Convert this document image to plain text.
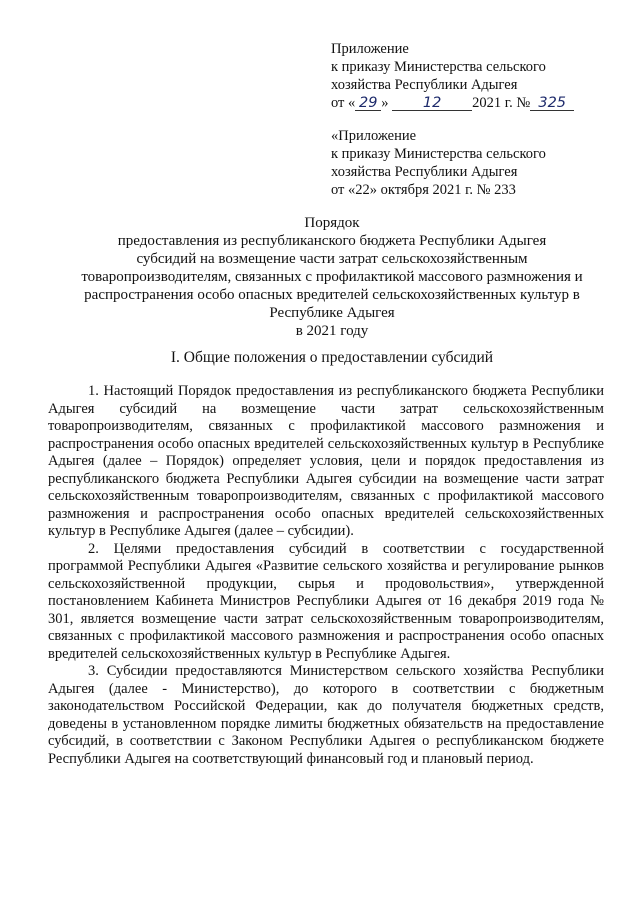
Приложение
к приказу Министерства сельского
хозяйства Республики Адыгея
от « 29 » 12 2021 г. № 325
«Приложение
к приказу Министерства сельского
хозяйства Республики Адыгея
от «22» октября 2021 г. № 233
Порядок
предоставления из республиканского бюджета Республики Адыгея
субсидий на возмещение части затрат сельскохозяйственным
товаропроизводителям, связанных с профилактикой массового размножения и
распространения особо опасных вредителей сельскохозяйственных культур в
Республике Адыгея
в 2021 году
I. Общие положения о предоставлении субсидий

1. Настоящий Порядок предоставления из республиканского бюджета Республики Адыгея субсидий на возмещение части затрат сельскохозяйственным товаропроизводителям, связанных с профилактикой массового размножения и распространения особо опасных вредителей сельскохозяйственных культур в Республике Адыгея (далее – Порядок) определяет условия, цели и порядок предоставления из республиканского бюджета Республики Адыгея субсидии на возмещение части затрат сельскохозяйственным товаропроизводителям, связанных с профилактикой массового размножения и распространения особо опасных вредителей сельскохозяйственных культур в Республике Адыгея (далее – субсидии).

2. Целями предоставления субсидий в соответствии с государственной программой Республики Адыгея «Развитие сельского хозяйства и регулирование рынков сельскохозяйственной продукции, сырья и продовольствия», утвержденной постановлением Кабинета Министров Республики Адыгея от 16 декабря 2019 года № 301, является возмещение части затрат сельскохозяйственным товаропроизводителям, связанных с профилактикой массового размножения и распространения особо опасных вредителей сельскохозяйственных культур в Республике Адыгея.

3. Субсидии предоставляются Министерством сельского хозяйства Республики Адыгея (далее - Министерство), до которого в соответствии с бюджетным законодательством Российской Федерации, как до получателя бюджетных средств, доведены в установленном порядке лимиты бюджетных обязательств на предоставление субсидий, в соответствии с Законом Республики Адыгея о республиканском бюджете Республики Адыгея на соответствующий финансовый год и плановый период.
